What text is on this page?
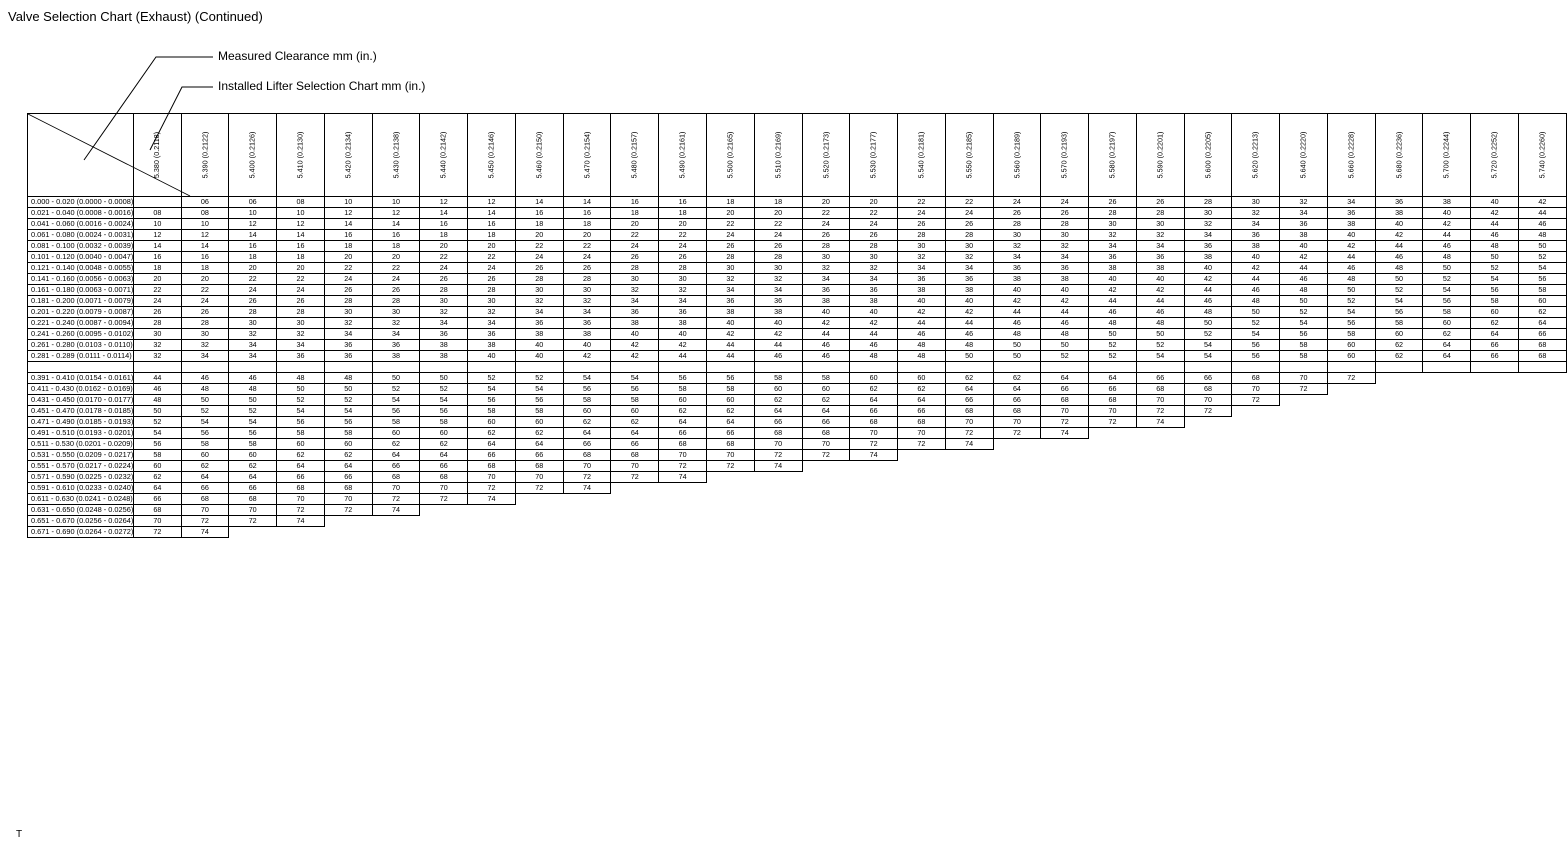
Valve Selection Chart (Exhaust) (Continued)
Measured Clearance mm (in.)
Installed Lifter Selection Chart mm (in.)
	5.380 (0.2118)	5.390 (0.2122)	5.400 (0.2126)	5.410 (0.2130)	5.420 (0.2134)	5.430 (0.2138)	5.440 (0.2142)	5.450 (0.2146)	5.460 (0.2150)	5.470 (0.2154)	5.480 (0.2157)	5.490 (0.2161)	5.500 (0.2165)	5.510 (0.2169)	5.520 (0.2173)	5.530 (0.2177)	5.540 (0.2181)	5.550 (0.2185)	5.560 (0.2189)	5.570 (0.2193)	5.580 (0.2197)	5.590 (0.2201)	5.600 (0.2205)	5.620 (0.2213)	5.640 (0.2220)	5.660 (0.2228)	5.680 (0.2236)	5.700 (0.2244)	5.720 (0.2252)	5.740 (0.2260)
0.000 - 0.020 (0.0000 - 0.0008)		06	06	08	10	10	12	12	14	14	16	16	18	18	20	20	22	22	24	24	26	26	28	30	32	34	36	38	40	42
0.021 - 0.040 (0.0008 - 0.0016)	08	08	10	10	12	12	14	14	16	16	18	18	20	20	22	22	24	24	26	26	28	28	30	32	34	36	38	40	42	44
0.041 - 0.060 (0.0016 - 0.0024)	10	10	12	12	14	14	16	16	18	18	20	20	22	22	24	24	26	26	28	28	30	30	32	34	36	38	40	42	44	46
0.061 - 0.080 (0.0024 - 0.0031)	12	12	14	14	16	16	18	18	20	20	22	22	24	24	26	26	28	28	30	30	32	32	34	36	38	40	42	44	46	48
0.081 - 0.100 (0.0032 - 0.0039)	14	14	16	16	18	18	20	20	22	22	24	24	26	26	28	28	30	30	32	32	34	34	36	38	40	42	44	46	48	50
0.101 - 0.120 (0.0040 - 0.0047)	16	16	18	18	20	20	22	22	24	24	26	26	28	28	30	30	32	32	34	34	36	36	38	40	42	44	46	48	50	52
0.121 - 0.140 (0.0048 - 0.0055)	18	18	20	20	22	22	24	24	26	26	28	28	30	30	32	32	34	34	36	36	38	38	40	42	44	46	48	50	52	54
0.141 - 0.160 (0.0056 - 0.0063)	20	20	22	22	24	24	26	26	28	28	30	30	32	32	34	34	36	36	38	38	40	40	42	44	46	48	50	52	54	56
0.161 - 0.180 (0.0063 - 0.0071)	22	22	24	24	26	26	28	28	30	30	32	32	34	34	36	36	38	38	40	40	42	42	44	46	48	50	52	54	56	58
0.181 - 0.200 (0.0071 - 0.0079)	24	24	26	26	28	28	30	30	32	32	34	34	36	36	38	38	40	40	42	42	44	44	46	48	50	52	54	56	58	60
0.201 - 0.220 (0.0079 - 0.0087)	26	26	28	28	30	30	32	32	34	34	36	36	38	38	40	40	42	42	44	44	46	46	48	50	52	54	56	58	60	62
0.221 - 0.240 (0.0087 - 0.0094)	28	28	30	30	32	32	34	34	36	36	38	38	40	40	42	42	44	44	46	46	48	48	50	52	54	56	58	60	62	64
0.241 - 0.260 (0.0095 - 0.0102)	30	30	32	32	34	34	36	36	38	38	40	40	42	42	44	44	46	46	48	48	50	50	52	54	56	58	60	62	64	66
0.261 - 0.280 (0.0103 - 0.0110)	32	32	34	34	36	36	38	38	40	40	42	42	44	44	46	46	48	48	50	50	52	52	54	56	58	60	62	64	66	68
0.281 - 0.289 (0.0111 - 0.0114)	32	34	34	36	36	38	38	40	40	42	42	44	44	46	46	48	48	50	50	52	52	54	54	56	58	60	62	64	66	68

0.391 - 0.410 (0.0154 - 0.0161)	44	46	46	48	48	50	50	52	52	54	54	56	56	58	58	60	60	62	62	64	64	66	66	68	70	72				
0.411 - 0.430 (0.0162 - 0.0169)	46	48	48	50	50	52	52	54	54	56	56	58	58	60	60	62	62	64	64	66	66	68	68	70	72					
0.431 - 0.450 (0.0170 - 0.0177)	48	50	50	52	52	54	54	56	56	58	58	60	60	62	62	64	64	66	66	68	68	70	70	72						
0.451 - 0.470 (0.0178 - 0.0185)	50	52	52	54	54	56	56	58	58	60	60	62	62	64	64	66	66	68	68	70	70	72	72							
0.471 - 0.490 (0.0185 - 0.0193)	52	54	54	56	56	58	58	60	60	62	62	64	64	66	66	68	68	70	70	72	72	74								
0.491 - 0.510 (0.0193 - 0.0201)	54	56	56	58	58	60	60	62	62	64	64	66	66	68	68	70	70	72	72	74										
0.511 - 0.530 (0.0201 - 0.0209)	56	58	58	60	60	62	62	64	64	66	66	68	68	70	70	72	72	74												
0.531 - 0.550 (0.0209 - 0.0217)	58	60	60	62	62	64	64	66	66	68	68	70	70	72	72	74														
0.551 - 0.570 (0.0217 - 0.0224)	60	62	62	64	64	66	66	68	68	70	70	72	72	74																
0.571 - 0.590 (0.0225 - 0.0232)	62	64	64	66	66	68	68	70	70	72	72	74																		
0.591 - 0.610 (0.0233 - 0.0240)	64	66	66	68	68	70	70	72	72	74																				
0.611 - 0.630 (0.0241 - 0.0248)	66	68	68	70	70	72	72	74																						
0.631 - 0.650 (0.0248 - 0.0256)	68	70	70	72	72	74																								
0.651 - 0.670 (0.0256 - 0.0264)	70	72	72	74																										
0.671 - 0.690 (0.0264 - 0.0272)	72	74																												
T
